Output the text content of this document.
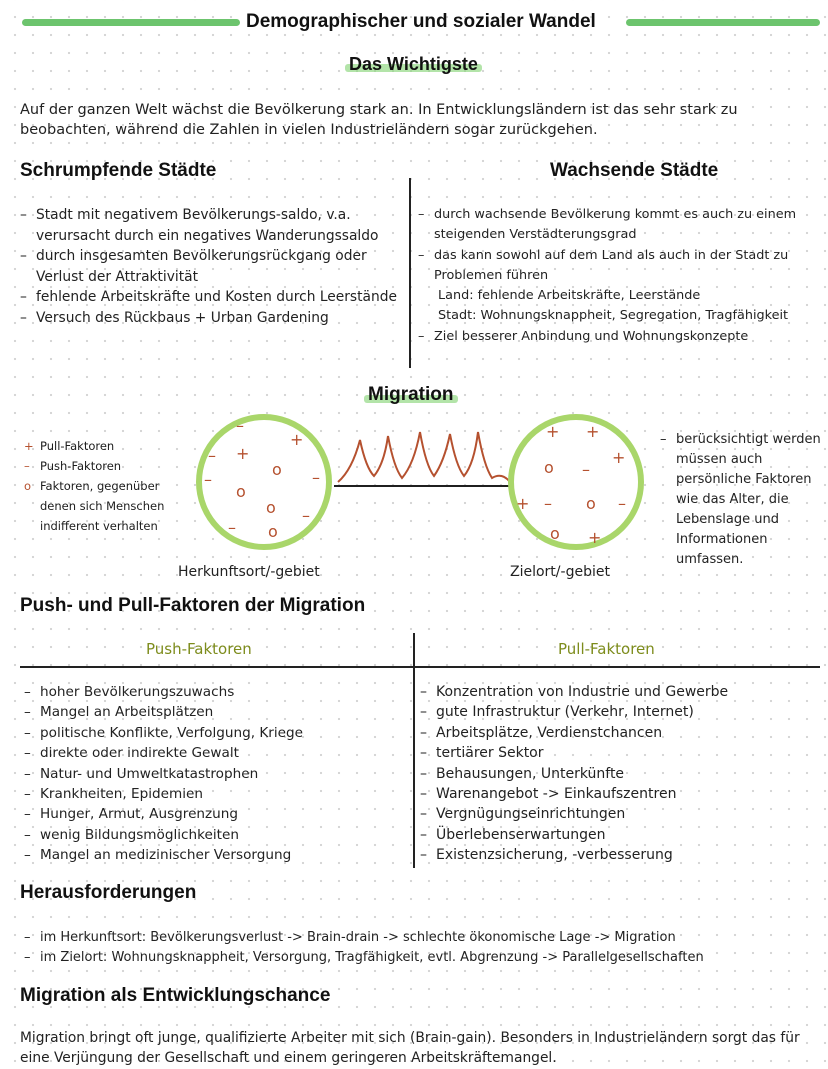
Demographischer und sozialer Wandel
Das Wichtigste
Auf der ganzen Welt wächst die Bevölkerung stark an. In Entwicklungsländern ist das sehr stark zu beobachten, während die Zahlen in vielen Industrieländern sogar zurückgehen.
Schrumpfende Städte	Wachsende Städte
– Stadt mit negativem Bevölkerungs-saldo, v.a. verursacht durch ein negatives Wanderungssaldo
– durch insgesamten Bevölkerungsrückgang oder Verlust der Attraktivität
– fehlende Arbeitskräfte und Kosten durch Leerstände
– Versuch des Rückbaus + Urban Gardening
– durch wachsende Bevölkerung kommt es auch zu einem steigenden Verstädterungsgrad
– das kann sowohl auf dem Land als auch in der Stadt zu Problemen führen
Land: fehlende Arbeitskräfte, Leerstände
Stadt: Wohnungsknappheit, Segregation, Tragfähigkeit
– Ziel besserer Anbindung und Wohnungskonzepte
Migration
+ Pull-Faktoren
– Push-Faktoren
o Faktoren, gegenüber denen sich Menschen indifferent verhalten
–
+
– +
o –
–
o
o –
– o
+ +
+
o –
+ – o –
o +
Herkunftsort/-gebiet	Zielort/-gebiet
– berücksichtigt werden müssen auch persönliche Faktoren wie das Alter, die Lebenslage und Informationen umfassen.
Push- und Pull-Faktoren der Migration
Push-Faktoren	Pull-Faktoren
– hoher Bevölkerungszuwachs
– Mangel an Arbeitsplätzen
– politische Konflikte, Verfolgung, Kriege
– direkte oder indirekte Gewalt
– Natur- und Umweltkatastrophen
– Krankheiten, Epidemien
– Hunger, Armut, Ausgrenzung
– wenig Bildungsmöglichkeiten
– Mangel an medizinischer Versorgung
– Konzentration von Industrie und Gewerbe
– gute Infrastruktur (Verkehr, Internet)
– Arbeitsplätze, Verdienstchancen
– tertiärer Sektor
– Behausungen, Unterkünfte
– Warenangebot -> Einkaufszentren
– Vergnügungseinrichtungen
– Überlebenserwartungen
– Existenzsicherung, -verbesserung
Herausforderungen
– im Herkunftsort: Bevölkerungsverlust -> Brain-drain -> schlechte ökonomische Lage -> Migration
– im Zielort: Wohnungsknappheit, Versorgung, Tragfähigkeit, evtl. Abgrenzung -> Parallelgesellschaften
Migration als Entwicklungschance
Migration bringt oft junge, qualifizierte Arbeiter mit sich (Brain-gain). Besonders in Industrieländern sorgt das für eine Verjüngung der Gesellschaft und einem geringeren Arbeitskräftemangel.
